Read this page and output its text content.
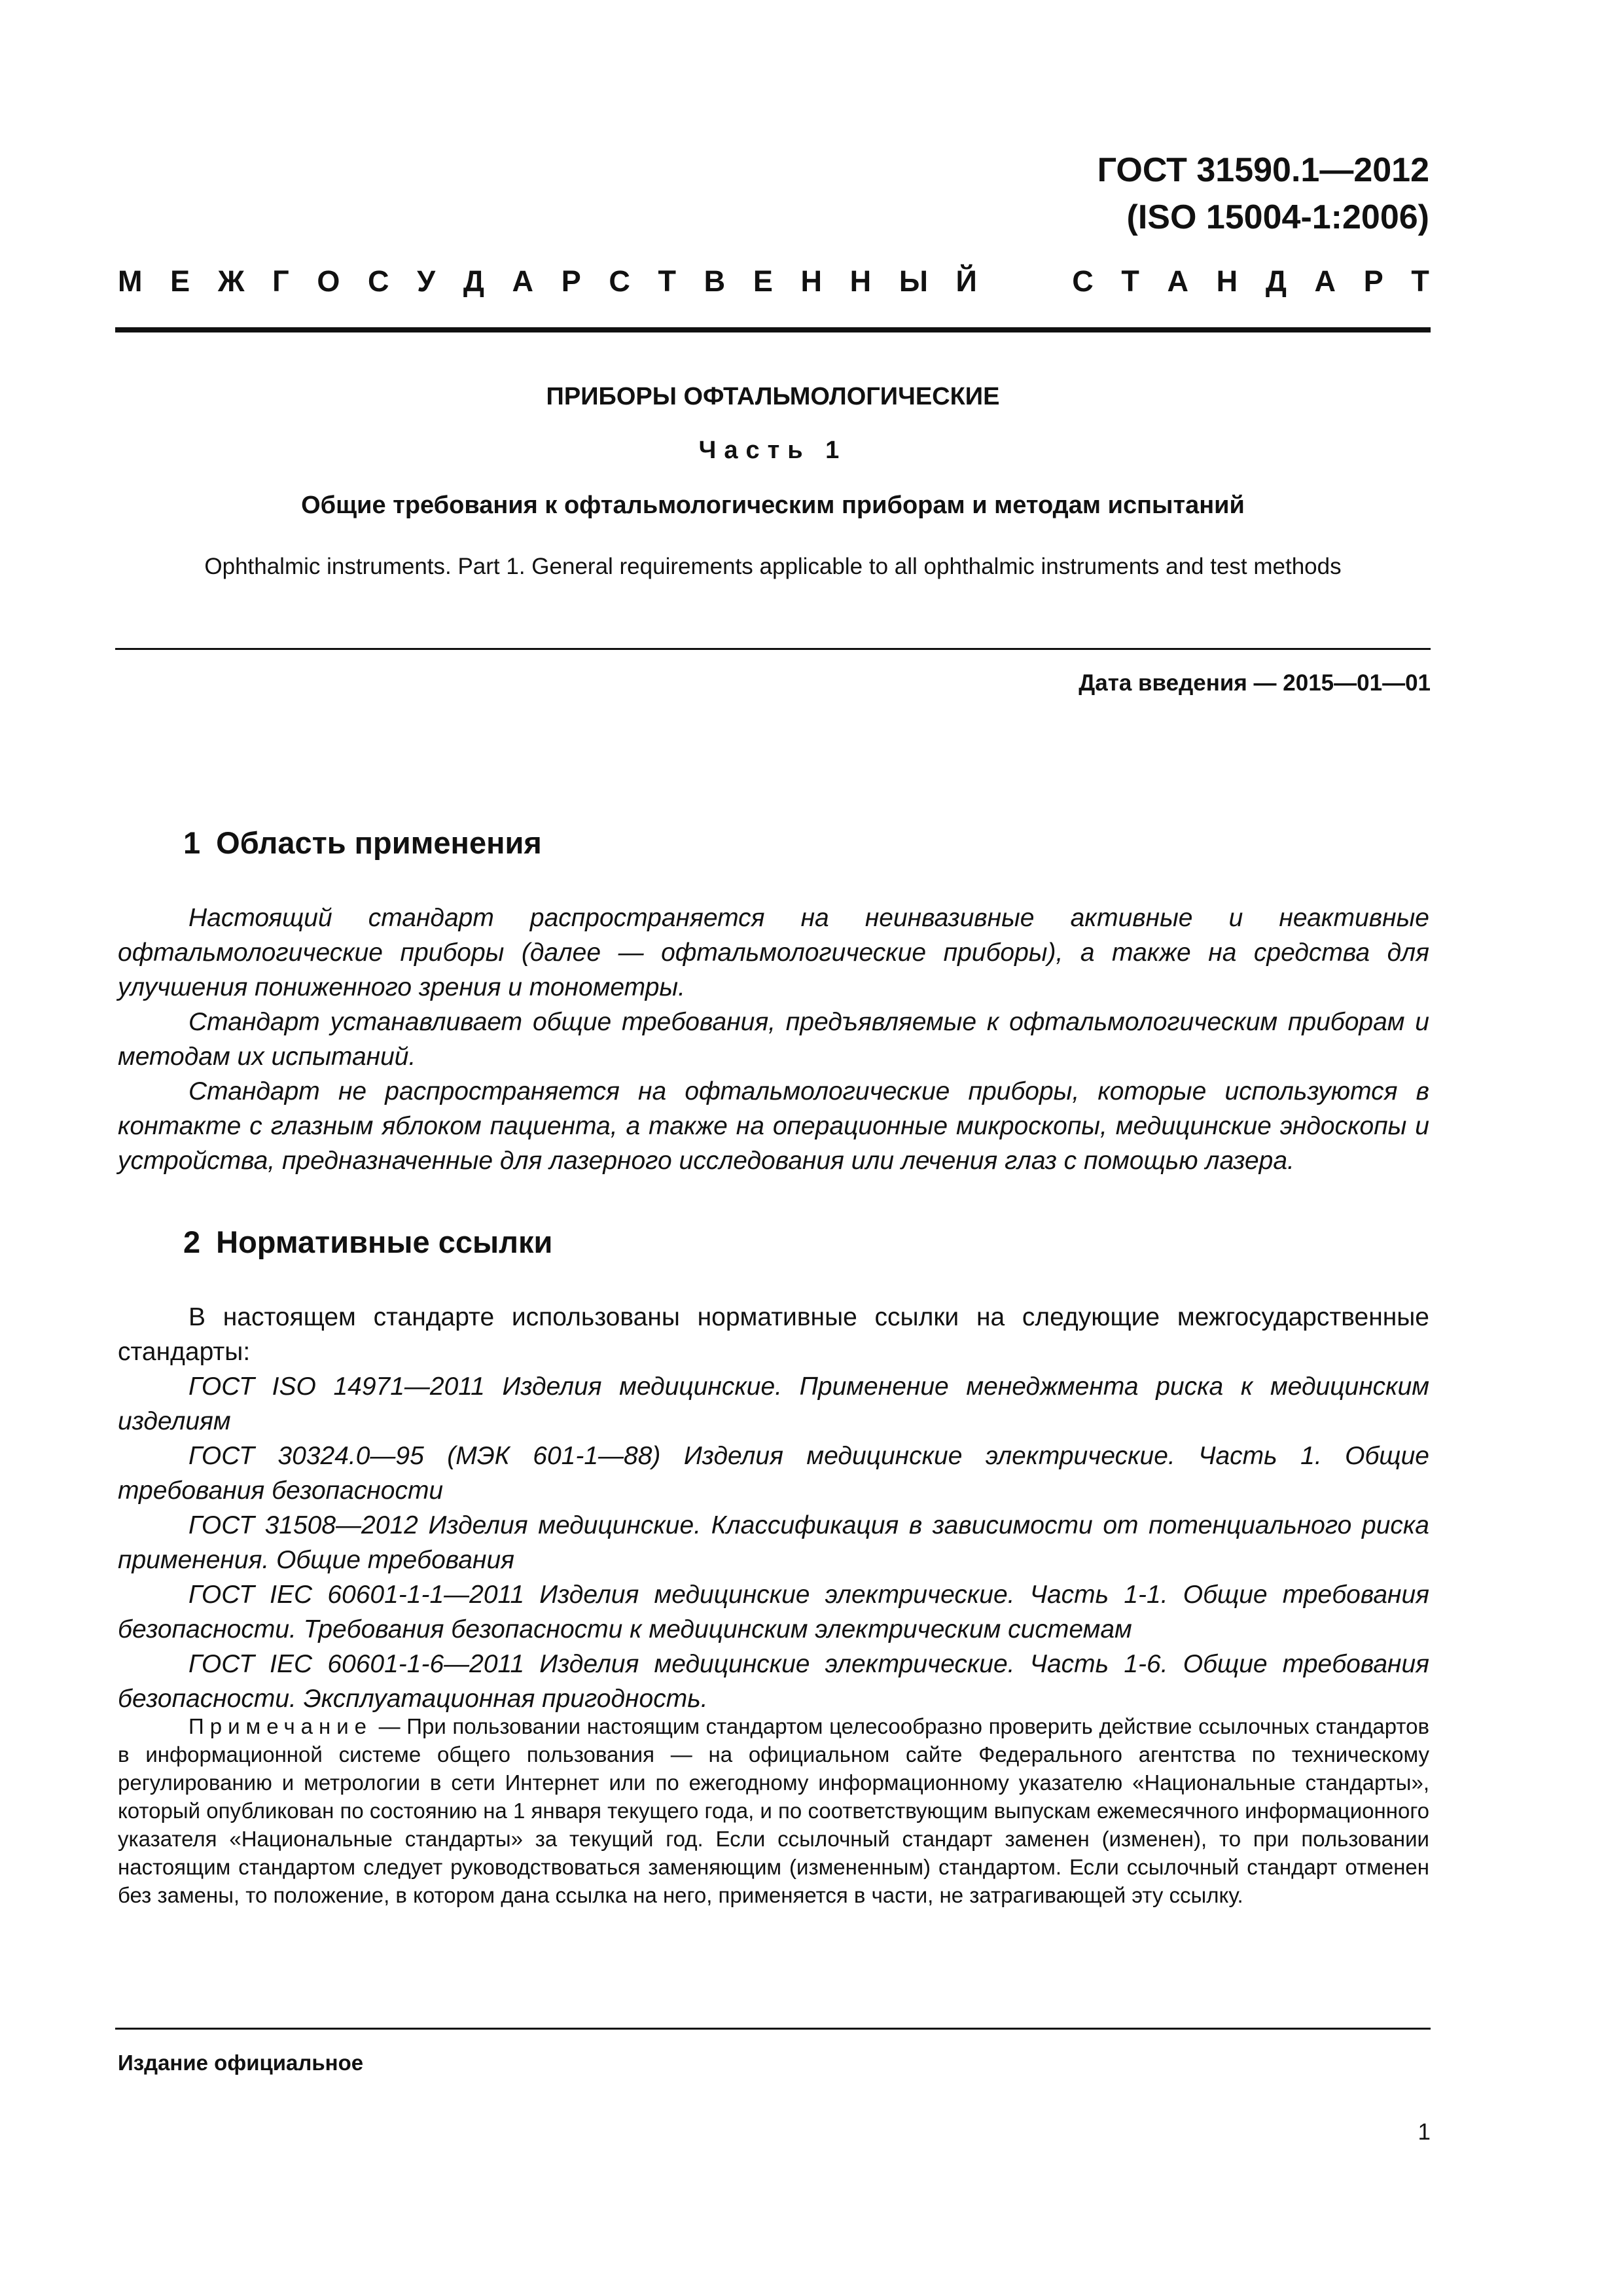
ГОСТ 31590.1—2012
(ISO 15004-1:2006)
М Е Ж Г О С У Д А Р С Т В Е Н Н Ы Й	С Т А Н Д А Р Т
ПРИБОРЫ ОФТАЛЬМОЛОГИЧЕСКИЕ
Часть 1
Общие требования к офтальмологическим приборам и методам испытаний
Ophthalmic instruments. Part 1. General requirements applicable to all ophthalmic instruments and test methods
Дата введения — 2015—01—01
1 Область применения

Настоящий стандарт распространяется на неинвазивные активные и неактивные офтальмологические приборы (далее — офтальмологические приборы), а также на средства для улучшения пониженного зрения и тонометры.

Стандарт устанавливает общие требования, предъявляемые к офтальмологическим приборам и методам их испытаний.

Стандарт не распространяется на офтальмологические приборы, которые используются в контакте с глазным яблоком пациента, а также на операционные микроскопы, медицинские эндоскопы и устройства, предназначенные для лазерного исследования или лечения глаз с помощью лазера.

2 Нормативные ссылки

В настоящем стандарте использованы нормативные ссылки на следующие межгосударственные стандарты:

ГОСТ ISO 14971—2011 Изделия медицинские. Применение менеджмента риска к медицинским изделиям

ГОСТ 30324.0—95 (МЭК 601-1—88) Изделия медицинские электрические. Часть 1. Общие требования безопасности

ГОСТ 31508—2012 Изделия медицинские. Классификация в зависимости от потенциального риска применения. Общие требования

ГОСТ IEC 60601-1-1—2011 Изделия медицинские электрические. Часть 1-1. Общие требования безопасности. Требования безопасности к медицинским электрическим системам

ГОСТ IEC 60601-1-6—2011 Изделия медицинские электрические. Часть 1-6. Общие требования безопасности. Эксплуатационная пригодность.

Примечание — При пользовании настоящим стандартом целесообразно проверить действие ссылочных стандартов в информационной системе общего пользования — на официальном сайте Федерального агентства по техническому регулированию и метрологии в сети Интернет или по ежегодному информационному указателю «Национальные стандарты», который опубликован по состоянию на 1 января текущего года, и по соответствующим выпускам ежемесячного информационного указателя «Национальные стандарты» за текущий год. Если ссылочный стандарт заменен (изменен), то при пользовании настоящим стандартом следует руководствоваться заменяющим (измененным) стандартом. Если ссылочный стандарт отменен без замены, то положение, в котором дана ссылка на него, применяется в части, не затрагивающей эту ссылку.
Издание официальное
1
